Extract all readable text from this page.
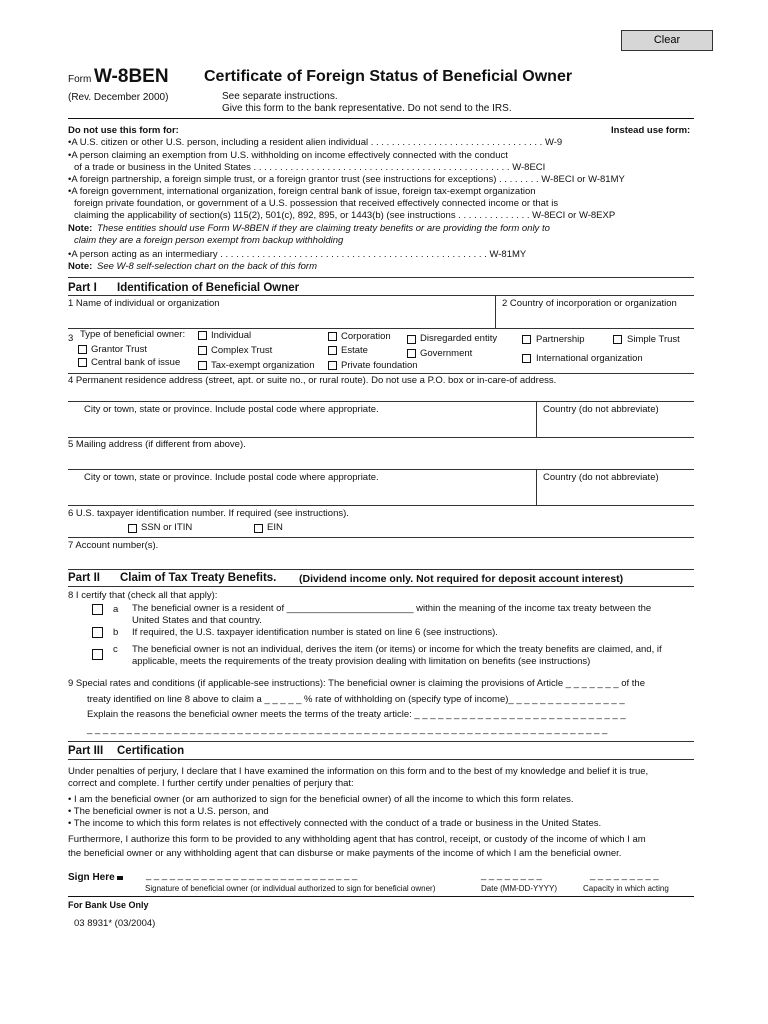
Clear
Form W-8BEN Certificate of Foreign Status of Beneficial Owner
(Rev. December 2000)	See separate instructions.
Give this form to the bank representative. Do not send to the IRS.
Do not use this form for:	Instead use form:
•A U.S. citizen or other U.S. person, including a resident alien individual . . . . . . . . . . . . . . . . . . . . . . . . . . . . . . . . . W-9
•A person claiming an exemption from U.S. withholding on income effectively connected with the conduct
of a trade or business in the United States . . . . . . . . . . . . . . . . . . . . . . . . . . . . . . . . . . . . . . . . . . . . . . . . . W-8ECI
•A foreign partnership, a foreign simple trust, or a foreign grantor trust (see instructions for exceptions) . . . . . . . . W-8ECI or W-81MY
•A foreign government, international organization, foreign central bank of issue, foreign tax-exempt organization
foreign private foundation, or government of a U.S. possession that received effectively connected income or that is
claiming the applicability of section(s) 115(2), 501(c), 892, 895, or 1443(b) (see instructions . . . . . . . . . . . . . . W-8ECI or W-8EXP
Note: These entities should use Form W-8BEN if they are claiming treaty benefits or are providing the form only to
claim they are a foreign person exempt from backup withholding
•A person acting as an intermediary . . . . . . . . . . . . . . . . . . . . . . . . . . . . . . . . . . . . . . . . . . . . . . . . . . . W-81MY
Note: See W-8 self-selection chart on the back of this form
Part I Identification of Beneficial Owner
1 Name of individual or organization	2 Country of incorporation or organization
3 Type of beneficial owner:	Individual	Corporation	Disregarded entity	Partnership	Simple Trust
Grantor Trust	Complex Trust	Estate	Government	International organization
Central bank of issue	Tax-exempt organization	Private foundation
4 Permanent residence address (street, apt. or suite no., or rural route). Do not use a P.O. box or in-care-of address.
City or town, state or province. Include postal code where appropriate.	Country (do not abbreviate)
5 Mailing address (if different from above).
City or town, state or province. Include postal code where appropriate.	Country (do not abbreviate)
6 U.S. taxpayer identification number. If required (see instructions).
SSN or ITIN	EIN
7 Account number(s).
Part II Claim of Tax Treaty Benefits. (Dividend income only. Not required for deposit account interest)
8 I certify that (check all that apply):
a The beneficial owner is a resident of ________________________ within the meaning of the income tax treaty between the
United States and that country.
b If required, the U.S. taxpayer identification number is stated on line 6 (see instructions).
c The beneficial owner is not an individual, derives the item (or items) or income for which the treaty benefits are claimed, and, if
applicable, meets the requirements of the treaty provision dealing with limitation on benefits (see instructions)
9 Special rates and conditions (if applicable-see instructions): The beneficial owner is claiming the provisions of Article _ _ _ _ _ _ _ of the
treaty identified on line 8 above to claim a _ _ _ _ _ % rate of withholding on (specify type of income)_ _ _ _ _ _ _ _ _ _ _ _ _ _ _
Explain the reasons the beneficial owner meets the terms of the treaty article: _ _ _ _ _ _ _ _ _ _ _ _ _ _ _ _ _ _ _ _ _ _ _ _ _ _ _
_ _ _ _ _ _ _ _ _ _ _ _ _ _ _ _ _ _ _ _ _ _ _ _ _ _ _ _ _ _ _ _ _ _ _ _ _ _ _ _ _ _ _ _ _ _ _ _ _ _ _ _ _ _ _ _ _ _ _ _ _ _ _ _ _ _
Part III Certification
Under penalties of perjury, I declare that I have examined the information on this form and to the best of my knowledge and belief it is true,
correct and complete. I further certify under penalties of perjury that:
• I am the beneficial owner (or am authorized to sign for the beneficial owner) of all the income to which this form relates.
• The beneficial owner is not a U.S. person, and
• The income to which this form relates is not effectively connected with the conduct of a trade or business in the United States.
Furthermore, I authorize this form to be provided to any withholding agent that has control, receipt, or custody of the income of which I am
the beneficial owner or any withholding agent that can disburse or make payments of the income of which I am the beneficial owner.
Sign Here	_ _ _ _ _ _ _ _ _ _ _ _ _ _ _ _ _ _ _ _ _ _ _ _ _ _ _	_ _ _ _ _ _ _ _	_ _ _ _ _ _ _ _ _
Signature of beneficial owner (or individual authorized to sign for beneficial owner)	Date (MM-DD-YYYY)	Capacity in which acting
For Bank Use Only
03 8931* (03/2004)
